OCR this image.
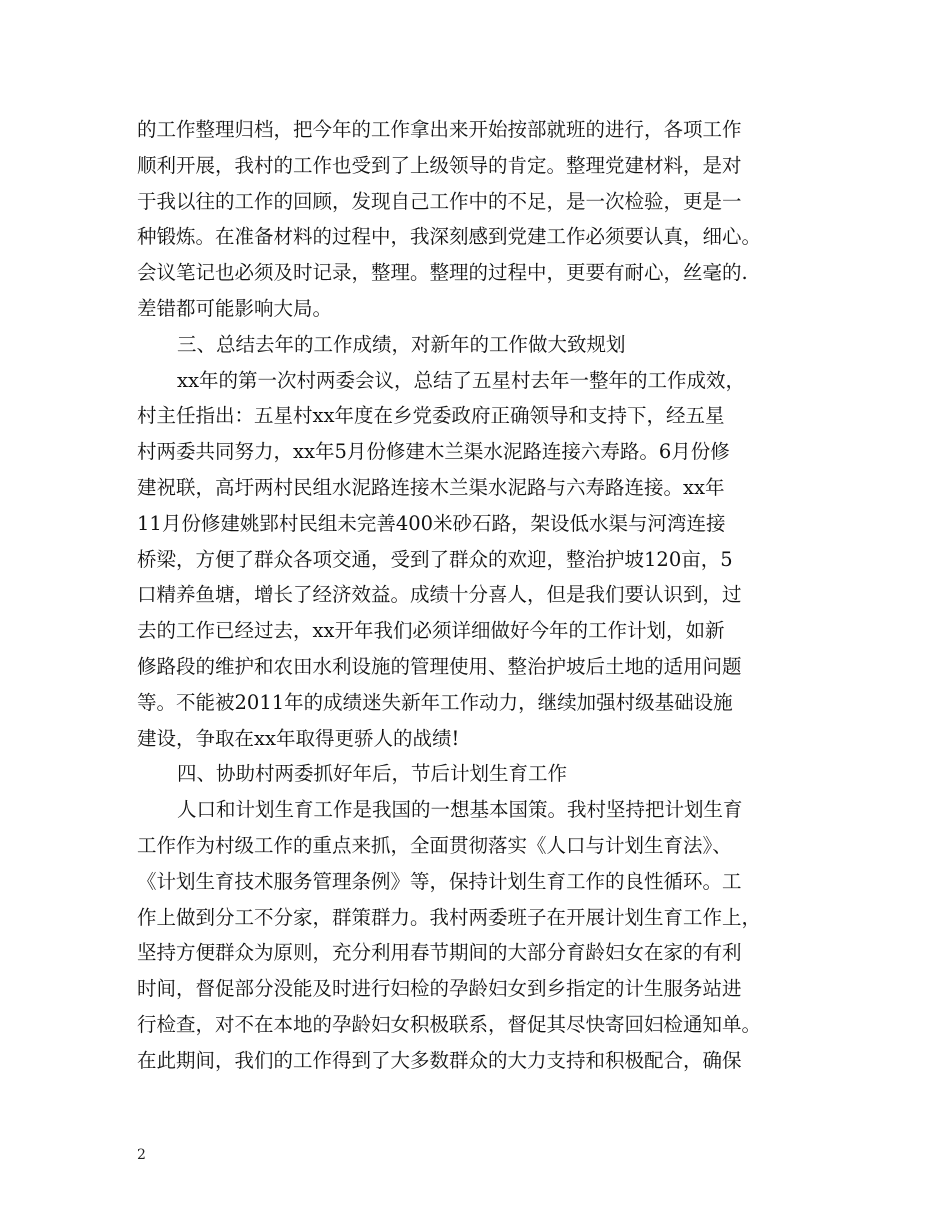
的工作整理归档，把今年的工作拿出来开始按部就班的进行，各项工作
顺利开展，我村的工作也受到了上级领导的肯定。整理党建材料，是对
于我以往的工作的回顾，发现自己工作中的不足，是一次检验，更是一
种锻炼。在准备材料的过程中，我深刻感到党建工作必须要认真，细心。
会议笔记也必须及时记录，整理。整理的过程中，更要有耐心，丝毫的.
差错都可能影响大局。
三、总结去年的工作成绩，对新年的工作做大致规划
xx年的第一次村两委会议，总结了五星村去年一整年的工作成效，
村主任指出：五星村xx年度在乡党委政府正确领导和支持下，经五星
村两委共同努力，xx年5月份修建木兰渠水泥路连接六寿路。6月份修
建祝联，高圩两村民组水泥路连接木兰渠水泥路与六寿路连接。xx年
11月份修建姚郢村民组未完善400米砂石路，架设低水渠与河湾连接
桥梁，方便了群众各项交通，受到了群众的欢迎，整治护坡120亩，5
口精养鱼塘，增长了经济效益。成绩十分喜人，但是我们要认识到，过
去的工作已经过去，xx开年我们必须详细做好今年的工作计划，如新
修路段的维护和农田水利设施的管理使用、整治护坡后土地的适用问题
等。不能被2011年的成绩迷失新年工作动力，继续加强村级基础设施
建设，争取在xx年取得更骄人的战绩!
四、协助村两委抓好年后，节后计划生育工作
人口和计划生育工作是我国的一想基本国策。我村坚持把计划生育
工作作为村级工作的重点来抓，全面贯彻落实《人口与计划生育法》、
《计划生育技术服务管理条例》等，保持计划生育工作的良性循环。工
作上做到分工不分家，群策群力。我村两委班子在开展计划生育工作上，
坚持方便群众为原则，充分利用春节期间的大部分育龄妇女在家的有利
时间，督促部分没能及时进行妇检的孕龄妇女到乡指定的计生服务站进
行检查，对不在本地的孕龄妇女积极联系，督促其尽快寄回妇检通知单。
在此期间，我们的工作得到了大多数群众的大力支持和积极配合，确保
2
